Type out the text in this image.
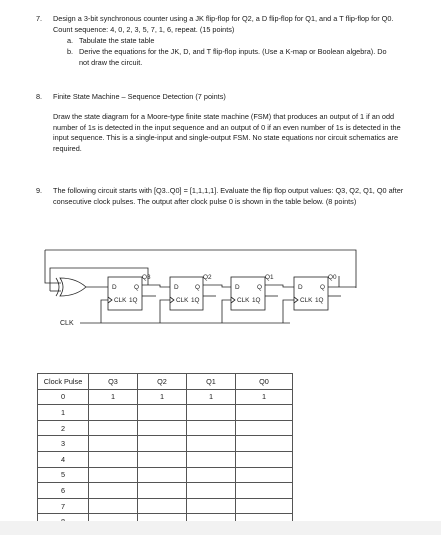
7. Design a 3-bit synchronous counter using a JK flip-flop for Q2, a D flip-flop for Q1, and a T flip-flop for Q0. Count sequence: 4, 0, 2, 3, 5, 7, 1, 6, repeat. (15 points)
a. Tabulate the state table
b. Derive the equations for the JK, D, and T flip-flop inputs. (Use a K-map or Boolean algebra). Do not draw the circuit.
8. Finite State Machine – Sequence Detection (7 points)
Draw the state diagram for a Moore-type finite state machine (FSM) that produces an output of 1 if an odd number of 1s is detected in the input sequence and an output of 0 if an even number of 1s is detected in the input sequence. This is a single-input and single-output FSM. No state equations nor circuit schematics are required.
9. The following circuit starts with [Q3..Q0] = [1,1,1,1]. Evaluate the flip flop output values: Q3, Q2, Q1, Q0 after consecutive clock pulses. The output after clock pulse 0 is shown in the table below. (8 points)
Q3
D	Q
CLK 1Q
Q2
D	Q
CLK 1Q
Q1
D	Q
CLK 1Q
Q0
D	Q
CLK 1Q
CLK
Clock Pulse	Q3	Q2	Q1	Q0
0	1	1	1	1
1				
2				
3				
4				
5				
6				
7				
